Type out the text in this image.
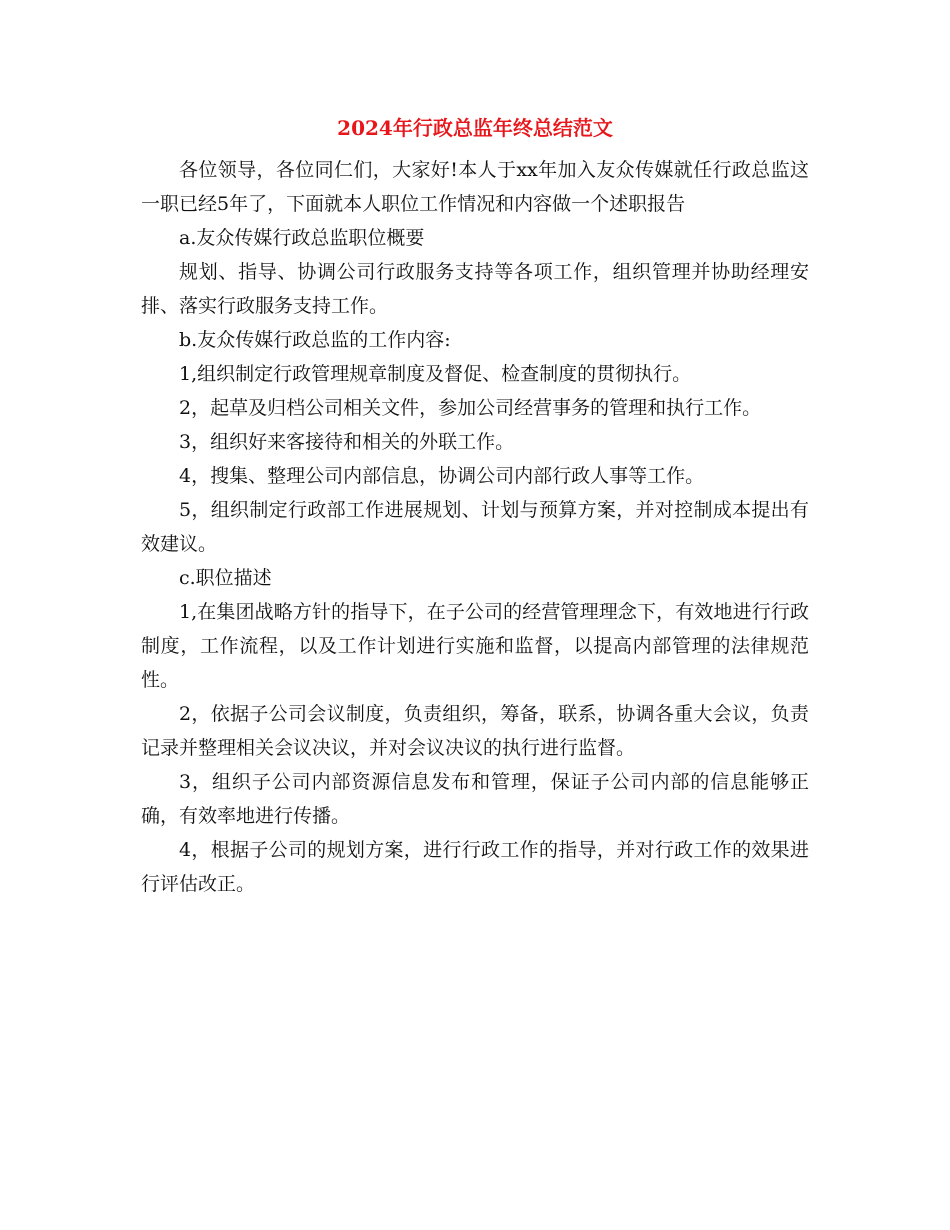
2024年行政总监年终总结范文

各位领导，各位同仁们，大家好!本人于xx年加入友众传媒就任行政总监这一职已经5年了，下面就本人职位工作情况和内容做一个述职报告

a.友众传媒行政总监职位概要

规划、指导、协调公司行政服务支持等各项工作，组织管理并协助经理安排、落实行政服务支持工作。

b.友众传媒行政总监的工作内容:

1,组织制定行政管理规章制度及督促、检查制度的贯彻执行。

2，起草及归档公司相关文件，参加公司经营事务的管理和执行工作。

3，组织好来客接待和相关的外联工作。

4，搜集、整理公司内部信息，协调公司内部行政人事等工作。

5，组织制定行政部工作进展规划、计划与预算方案，并对控制成本提出有效建议。

c.职位描述

1,在集团战略方针的指导下，在子公司的经营管理理念下，有效地进行行政制度，工作流程，以及工作计划进行实施和监督，以提高内部管理的法律规范性。

2，依据子公司会议制度，负责组织，筹备，联系，协调各重大会议，负责记录并整理相关会议决议，并对会议决议的执行进行监督。

3，组织子公司内部资源信息发布和管理，保证子公司内部的信息能够正确，有效率地进行传播。

4，根据子公司的规划方案，进行行政工作的指导，并对行政工作的效果进行评估改正。
